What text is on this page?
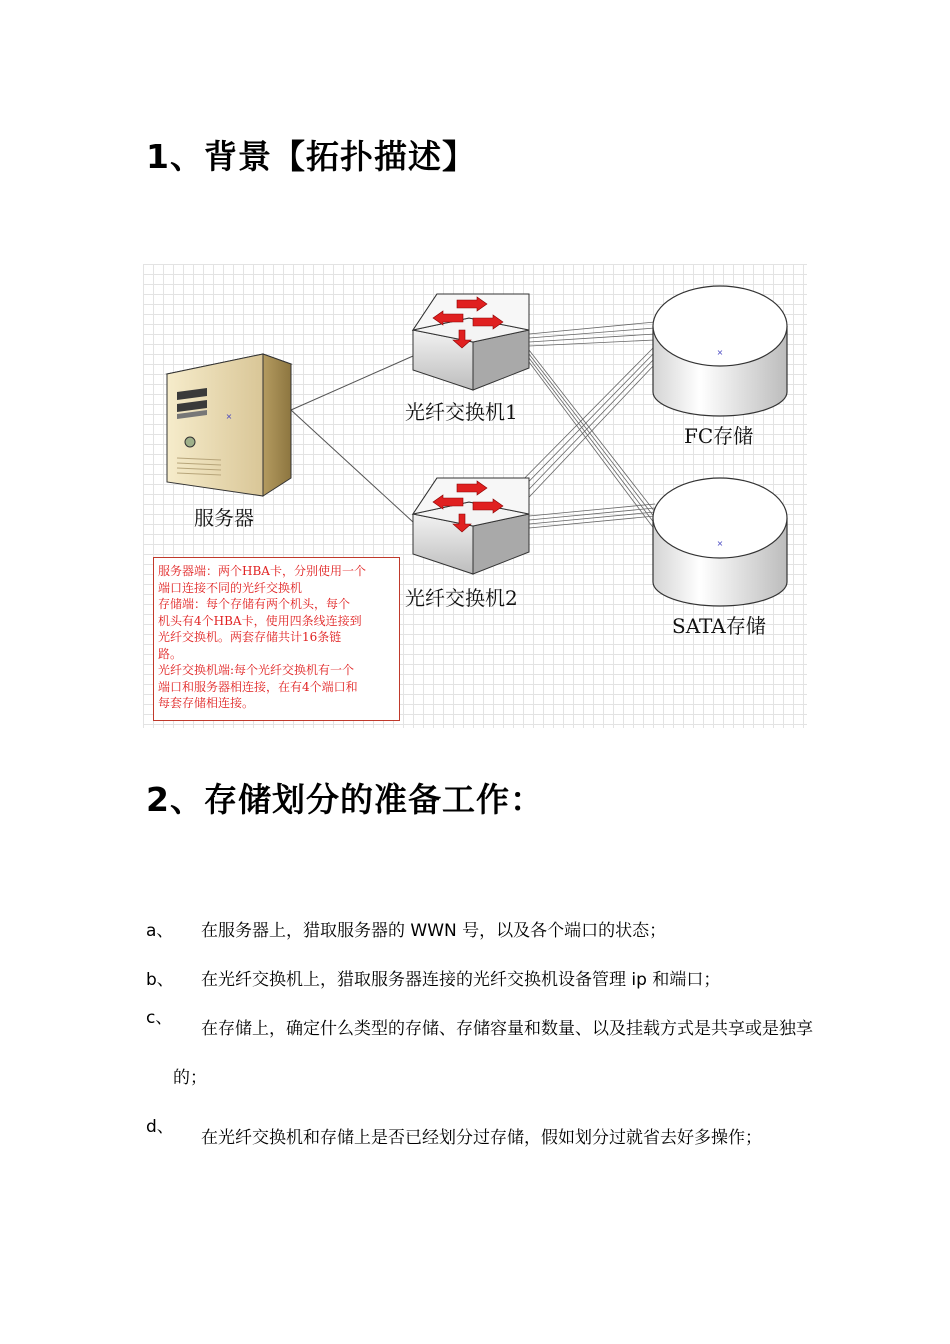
1、背景【拓扑描述】
×
×
×

服务器

光纤交换机1

光纤交换机2

FC存储

SATA存储

服务器端：两个HBA卡，分别使用一个

端口连接不同的光纤交换机

存储端：每个存储有两个机头，每个

机头有4个HBA卡，使用四条线连接到

光纤交换机。两套存储共计16条链

路。

光纤交换机端:每个光纤交换机有一个

端口和服务器相连接，在有4个端口和

每套存储相连接。

2、存储划分的准备工作：
a、 在服务器上，猎取服务器的 WWN 号，以及各个端口的状态；
b、 在光纤交换机上，猎取服务器连接的光纤交换机设备管理 ip 和端口；
c、
在存储上，确定什么类型的存储、存储容量和数量、以及挂载方式是共享或是独享的；
d、
在光纤交换机和存储上是否已经划分过存储，假如划分过就省去好多操作；
